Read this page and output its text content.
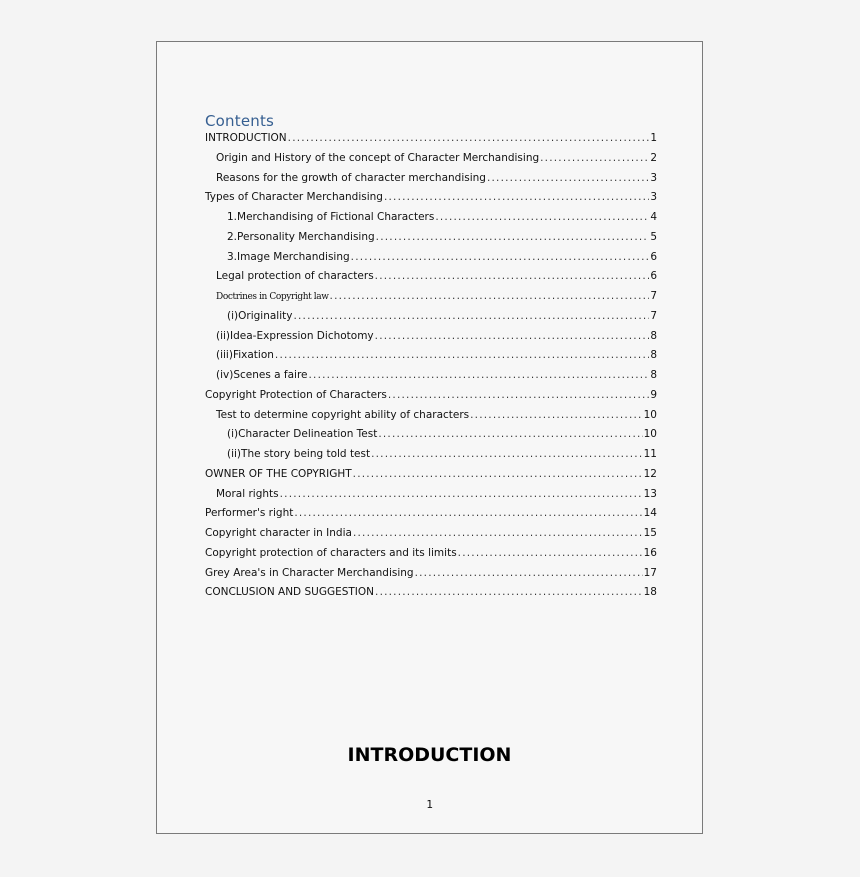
Contents
INTRODUCTION .....	1
Origin and History of the concept of Character Merchandising .....	2
Reasons for the growth of character merchandising .....	3
Types of Character Merchandising .....	3
1. Merchandising of Fictional Characters .....	4
2. Personality Merchandising .....	5
3. Image Merchandising .....	6
Legal protection of characters .....	6
Doctrines in Copyright law .....	7
(i) Originality .....	7
(ii) Idea-Expression Dichotomy .....	8
(iii) Fixation .....	8
(iv) Scenes a faire .....	8
Copyright Protection of Characters .....	9
Test to determine copyright ability of characters .....	10
(i) Character Delineation Test .....	10
(ii) The story being told test .....	11
OWNER OF THE COPYRIGHT .....	12
Moral rights .....	13
Performer's right .....	14
Copyright character in India .....	15
Copyright protection of characters and its limits .....	16
Grey Area's in Character Merchandising .....	17
CONCLUSION AND SUGGESTION .....	18
INTRODUCTION
1
